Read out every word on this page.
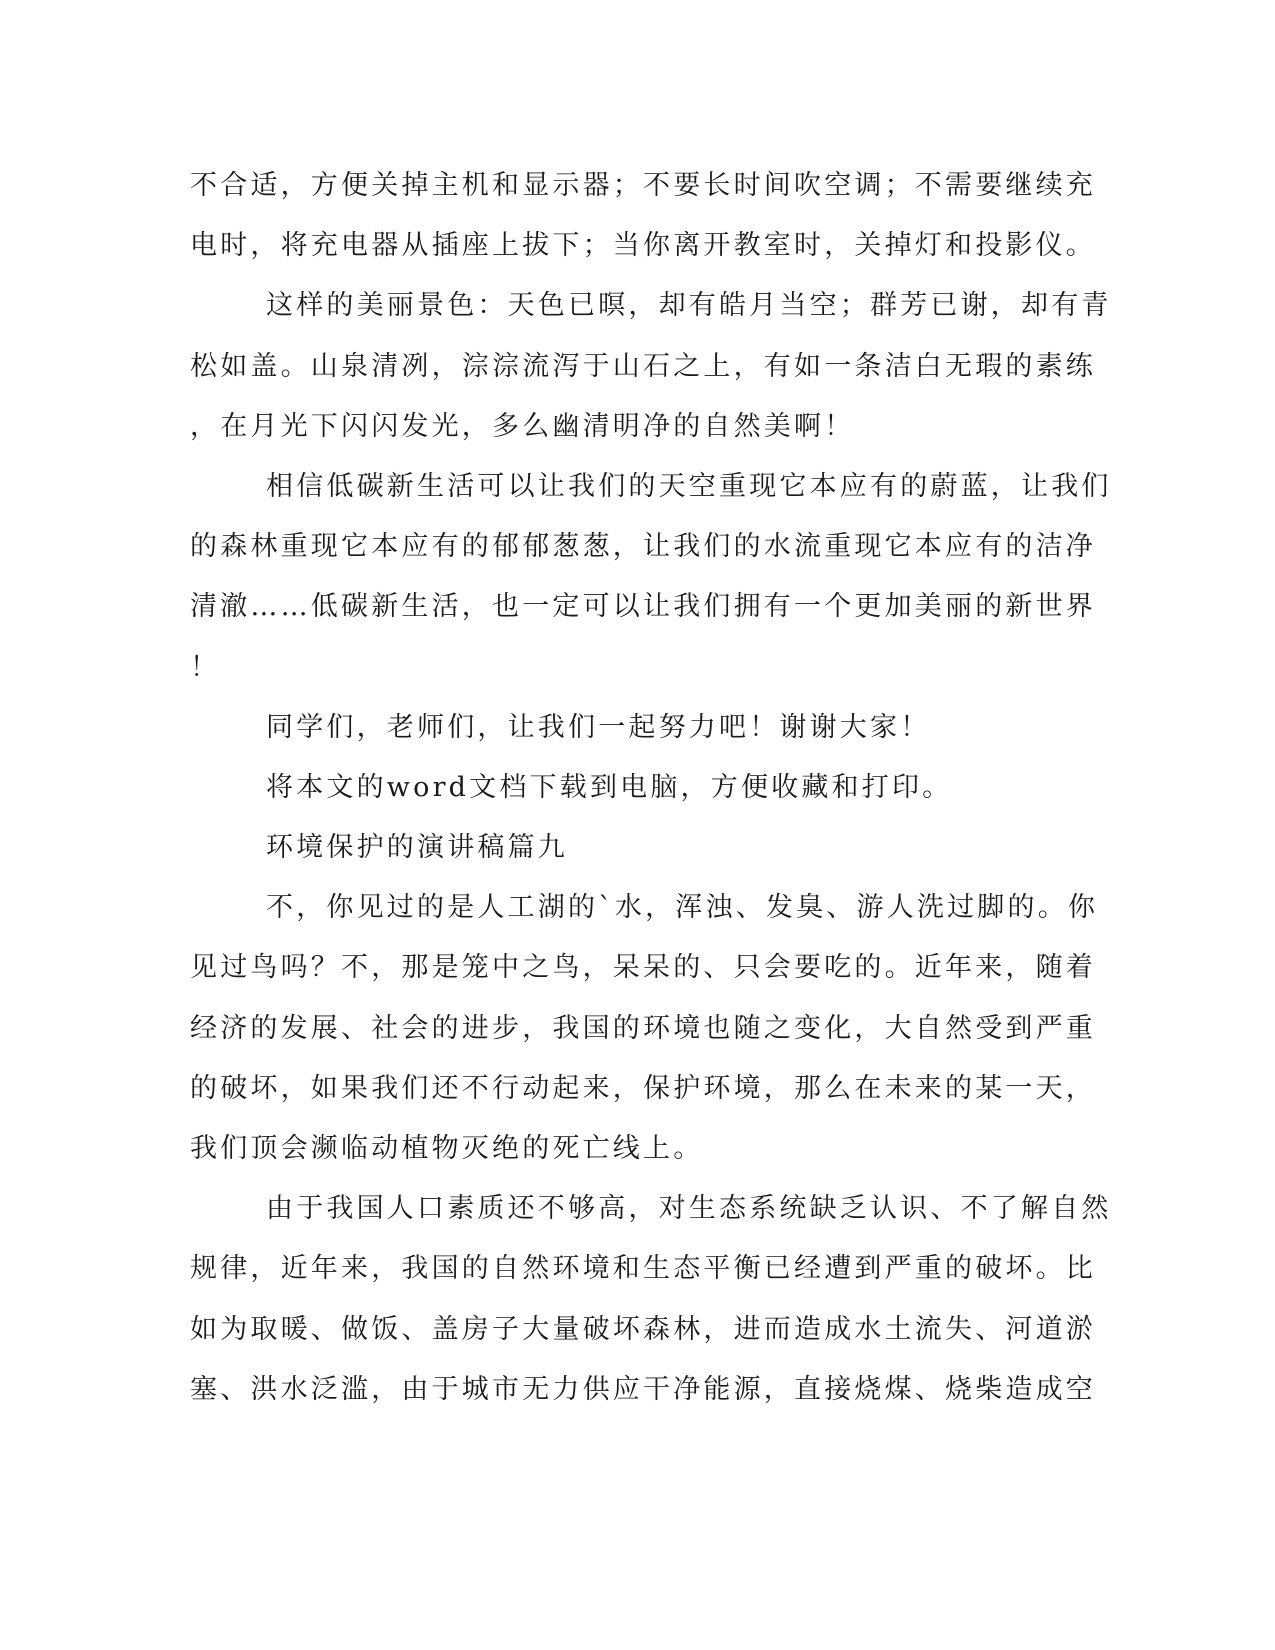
不合适，方便关掉主机和显示器；不要长时间吹空调；不需要继续充
电时，将充电器从插座上拔下；当你离开教室时，关掉灯和投影仪。
这样的美丽景色：天色已暝，却有皓月当空；群芳已谢，却有青
松如盖。山泉清冽，淙淙流泻于山石之上，有如一条洁白无瑕的素练
，在月光下闪闪发光，多么幽清明净的自然美啊！
相信低碳新生活可以让我们的天空重现它本应有的蔚蓝，让我们
的森林重现它本应有的郁郁葱葱，让我们的水流重现它本应有的洁净
清澈……低碳新生活，也一定可以让我们拥有一个更加美丽的新世界
！
同学们，老师们，让我们一起努力吧！谢谢大家！
将本文的word文档下载到电脑，方便收藏和打印。
环境保护的演讲稿篇九
不，你见过的是人工湖的`水，浑浊、发臭、游人洗过脚的。你
见过鸟吗？不，那是笼中之鸟，呆呆的、只会要吃的。近年来，随着
经济的发展、社会的进步，我国的环境也随之变化，大自然受到严重
的破坏，如果我们还不行动起来，保护环境，那么在未来的某一天，
我们顶会濒临动植物灭绝的死亡线上。
由于我国人口素质还不够高，对生态系统缺乏认识、不了解自然
规律，近年来，我国的自然环境和生态平衡已经遭到严重的破坏。比
如为取暖、做饭、盖房子大量破坏森林，进而造成水土流失、河道淤
塞、洪水泛滥，由于城市无力供应干净能源，直接烧煤、烧柴造成空
